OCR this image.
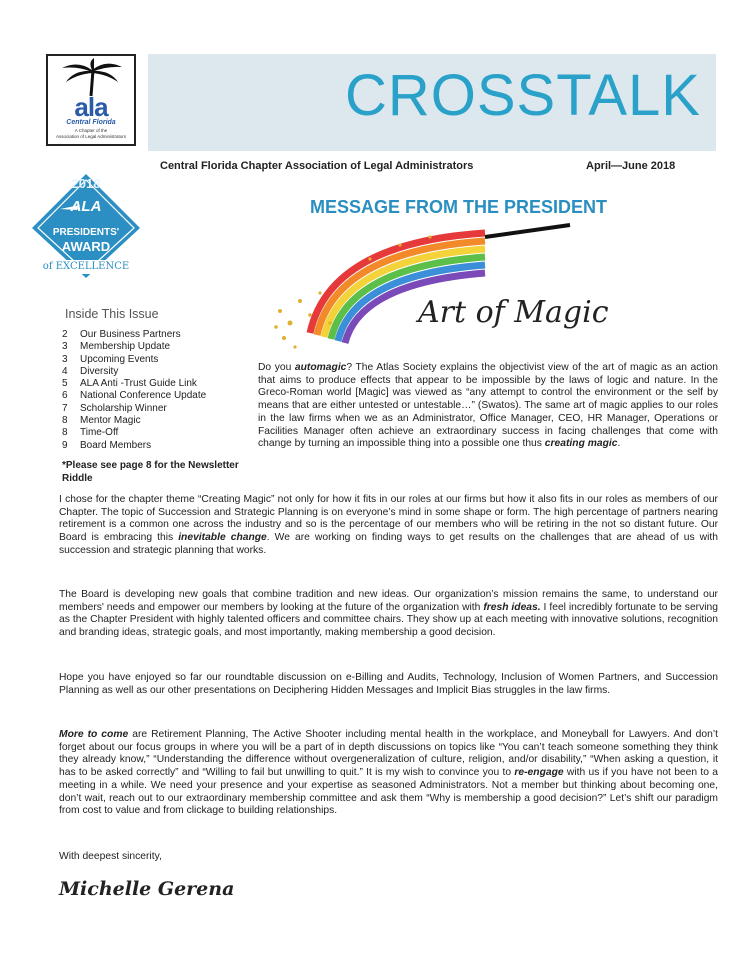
ala
Central Florida
A Chapter of the
Association of Legal Administrators
CROSSTALK
Central Florida Chapter Association of Legal Administrators	April—June 2018
2018
ALA
PRESIDENTS'
AWARD
of EXCELLENCE
MESSAGE FROM THE PRESIDENT
Art of Magic
Inside This Issue
2 Our Business Partners
3 Membership Update
3 Upcoming Events
4 Diversity
5 ALA Anti -Trust Guide Link
6 National Conference Update
7 Scholarship Winner
8 Mentor Magic
8 Time-Off
9 Board Members
*Please see page 8 for the Newsletter Riddle
Do you automagic? The Atlas Society explains the objectivist view of the art of magic as an action that aims to produce effects that appear to be impossible by the laws of logic and nature. In the Greco-Roman world [Magic] was viewed as “any attempt to control the environment or the self by means that are either untested or untestable…” (Swatos). The same art of magic applies to our roles in the law firms when we as an Administrator, Office Manager, CEO, HR Manager, Operations or Facilities Manager often achieve an extraordinary success in facing challenges that come with change by turning an impossible thing into a possible one thus creating magic.
I chose for the chapter theme “Creating Magic” not only for how it fits in our roles at our firms but how it also fits in our roles as members of our Chapter. The topic of Succession and Strategic Planning is on everyone’s mind in some shape or form. The high percentage of partners nearing retirement is a common one across the industry and so is the percentage of our members who will be retiring in the not so distant future. Our Board is embracing this inevitable change. We are working on finding ways to get results on the challenges that are ahead of us with succession and strategic planning that works.
The Board is developing new goals that combine tradition and new ideas. Our organization’s mission remains the same, to understand our members' needs and empower our members by looking at the future of the organization with fresh ideas. I feel incredibly fortunate to be serving as the Chapter President with highly talented officers and committee chairs. They show up at each meeting with innovative solutions, recognition and branding ideas, strategic goals, and most importantly, making membership a good decision.
Hope you have enjoyed so far our roundtable discussion on e-Billing and Audits, Technology, Inclusion of Women Partners, and Succession Planning as well as our other presentations on Deciphering Hidden Messages and Implicit Bias struggles in the law firms.
More to come are Retirement Planning, The Active Shooter including mental health in the workplace, and Moneyball for Lawyers. And don’t forget about our focus groups in where you will be a part of in depth discussions on topics like “You can’t teach someone something they think they already know,” “Understanding the difference without overgeneralization of culture, religion, and/or disability,” “When asking a question, it has to be asked correctly” and “Willing to fail but unwilling to quit.” It is my wish to convince you to re-engage with us if you have not been to a meeting in a while. We need your presence and your expertise as seasoned Administrators. Not a member but thinking about becoming one, don’t wait, reach out to our extraordinary membership committee and ask them “Why is membership a good decision?” Let’s shift our paradigm from cost to value and from clickage to building relationships.
With deepest sincerity,
Michelle Gerena
